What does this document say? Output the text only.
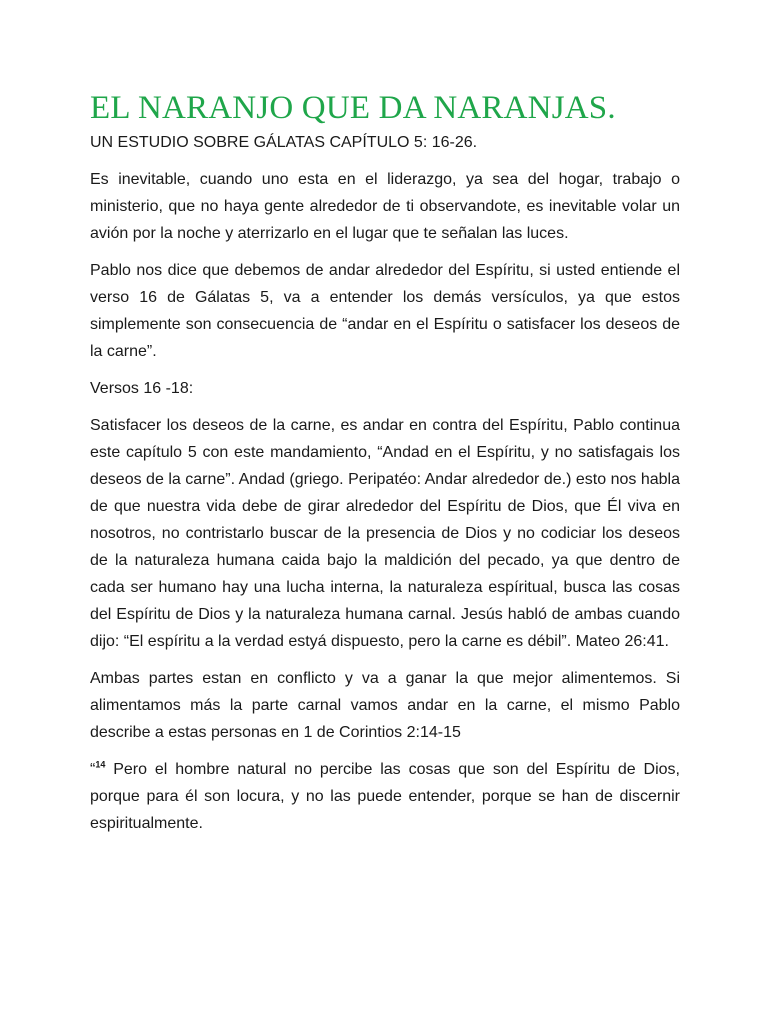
EL NARANJO QUE DA NARANJAS.
UN ESTUDIO SOBRE GÁLATAS CAPÍTULO 5: 16-26.

Es inevitable, cuando uno esta en el liderazgo, ya sea del hogar, trabajo o ministerio, que no haya gente alrededor de ti observandote, es inevitable volar un avión por la noche y aterrizarlo en el lugar que te señalan las luces.

Pablo nos dice que debemos de andar alrededor del Espíritu, si usted entiende el verso 16 de Gálatas 5, va a entender los demás versículos, ya que estos simplemente son consecuencia de “andar en el Espíritu o satisfacer los deseos de la carne”.

Versos 16 -18:

Satisfacer los deseos de la carne, es andar en contra del Espíritu, Pablo continua este capítulo 5 con este mandamiento, “Andad en el Espíritu, y no satisfagais los deseos de la carne”. Andad (griego. Peripatéo: Andar alrededor de.) esto nos habla de que nuestra vida debe de girar alrededor del Espíritu de Dios, que Él viva en nosotros, no contristarlo buscar de la presencia de Dios y no codiciar los deseos de la naturaleza humana caida bajo la maldición del pecado, ya que dentro de cada ser humano hay una lucha interna, la naturaleza espíritual, busca las cosas del Espíritu de Dios y la naturaleza humana carnal. Jesús habló de ambas cuando dijo: “El espíritu a la verdad estyá dispuesto, pero la carne es débil”. Mateo 26:41.

Ambas partes estan en conflicto y va a ganar la que mejor alimentemos. Si alimentamos más la parte carnal vamos andar en la carne, el mismo Pablo describe a estas personas en 1 de Corintios 2:14-15

“$^{14}$ Pero el hombre natural no percibe las cosas que son del Espíritu de Dios, porque para él son locura, y no las puede entender, porque se han de discernir espiritualmente.
